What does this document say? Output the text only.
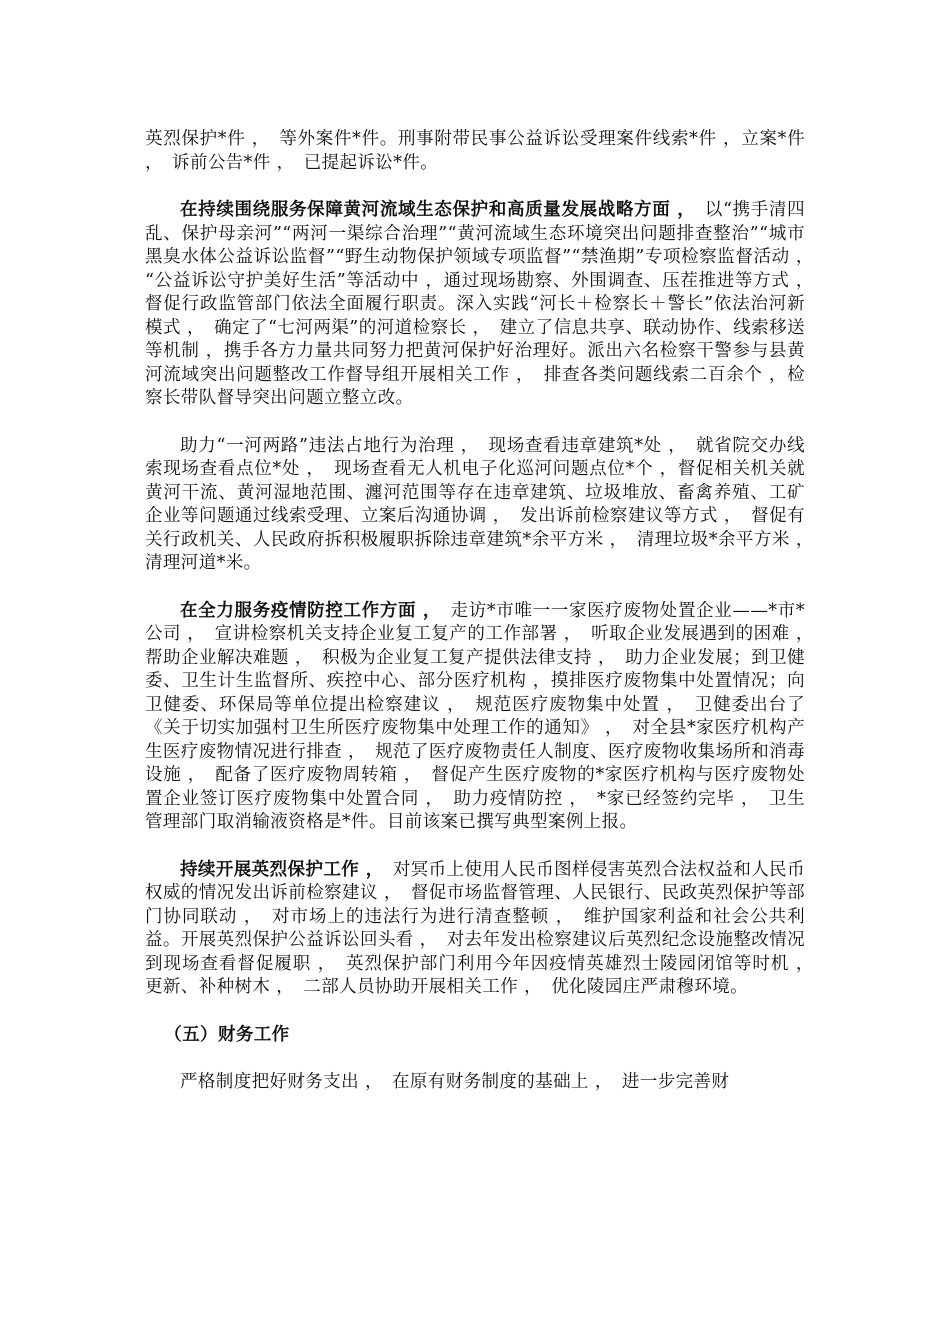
英烈保护*件 ，　等外案件*件。刑事附带民事公益诉讼受理案件线索*件 ，立案*件 ，　诉前公告*件 ，　已提起诉讼*件。

在持续围绕服务保障黄河流域生态保护和高质量发展战略方面 ，　以“携手清四乱、保护母亲河”“两河一渠综合治理”“黄河流域生态环境突出问题排查整治”“城市黑臭水体公益诉讼监督”“野生动物保护领域专项监督”“禁渔期”专项检察监督活动 ，　“公益诉讼守护美好生活”等活动中 ，通过现场勘察、外围调查、压茬推进等方式 ，　督促行政监管部门依法全面履行职责。深入实践“河长＋检察长＋警长”依法治河新模式 ，　确定了“七河两渠”的河道检察长 ，　建立了信息共享、联动协作、线索移送等机制 ，携手各方力量共同努力把黄河保护好治理好。派出六名检察干警参与县黄河流域突出问题整改工作督导组开展相关工作 ，　排查各类问题线索二百余个 ，检察长带队督导突出问题立整立改。

助力“一河两路”违法占地行为治理 ，　现场查看违章建筑*处 ，　就省院交办线索现场查看点位*处 ，　现场查看无人机电子化巡河问题点位*个 ，督促相关机关就黄河干流、黄河湿地范围、瀍河范围等存在违章建筑、垃圾堆放、畜禽养殖、工矿企业等问题通过线索受理、立案后沟通协调 ，　发出诉前检察建议等方式 ，　督促有关行政机关、人民政府拆积极履职拆除违章建筑*余平方米 ，　清理垃圾*余平方米 ，　清理河道*米。

在全力服务疫情防控工作方面 ，　走访*市唯一一家医疗废物处置企业——*市*公司 ，　宣讲检察机关支持企业复工复产的工作部署 ，　听取企业发展遇到的困难 ，　帮助企业解决难题 ，　积极为企业复工复产提供法律支持 ，　助力企业发展；到卫健委、卫生计生监督所、疾控中心、部分医疗机构 ，摸排医疗废物集中处置情况；向卫健委、环保局等单位提出检察建议 ，　规范医疗废物集中处置 ，　卫健委出台了《关于切实加强村卫生所医疗废物集中处理工作的通知》 ，　对全县*家医疗机构产生医疗废物情况进行排查 ，　规范了医疗废物责任人制度、医疗废物收集场所和消毒设施 ，　配备了医疗废物周转箱 ，　督促产生医疗废物的*家医疗机构与医疗废物处置企业签订医疗废物集中处置合同 ，　助力疫情防控 ，　*家已经签约完毕 ，　卫生管理部门取消输液资格是*件。目前该案已撰写典型案例上报。

持续开展英烈保护工作 ，　对冥币上使用人民币图样侵害英烈合法权益和人民币权威的情况发出诉前检察建议 ，　督促市场监督管理、人民银行、民政英烈保护等部门协同联动 ，　对市场上的违法行为进行清查整顿 ，　维护国家利益和社会公共利益。开展英烈保护公益诉讼回头看 ，　对去年发出检察建议后英烈纪念设施整改情况到现场查看督促履职 ，　英烈保护部门利用今年因疫情英雄烈士陵园闭馆等时机 ，　更新、补种树木 ，　二部人员协助开展相关工作 ，　优化陵园庄严肃穆环境。

（五）财务工作

严格制度把好财务支出 ，　在原有财务制度的基础上 ，　进一步完善财
